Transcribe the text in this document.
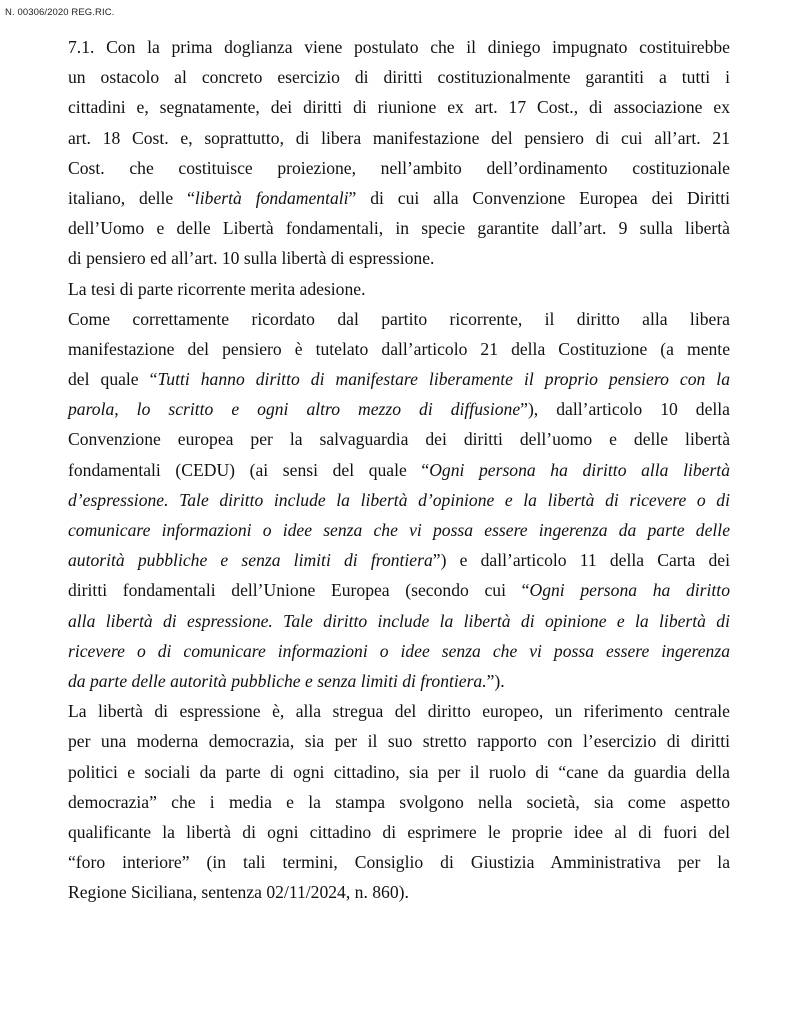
N. 00306/2020 REG.RIC.
7.1. Con la prima doglianza viene postulato che il diniego impugnato costituirebbe
un ostacolo al concreto esercizio di diritti costituzionalmente garantiti a tutti i
cittadini e, segnatamente, dei diritti di riunione ex art. 17 Cost., di associazione ex
art. 18 Cost. e, soprattutto, di libera manifestazione del pensiero di cui all’art. 21
Cost. che costituisce proiezione, nell’ambito dell’ordinamento costituzionale
italiano, delle “libertà fondamentali” di cui alla Convenzione Europea dei Diritti
dell’Uomo e delle Libertà fondamentali, in specie garantite dall’art. 9 sulla libertà
di pensiero ed all’art. 10 sulla libertà di espressione.
La tesi di parte ricorrente merita adesione.
Come correttamente ricordato dal partito ricorrente, il diritto alla libera
manifestazione del pensiero è tutelato dall’articolo 21 della Costituzione (a mente
del quale “Tutti hanno diritto di manifestare liberamente il proprio pensiero con la
parola, lo scritto e ogni altro mezzo di diffusione”), dall’articolo 10 della
Convenzione europea per la salvaguardia dei diritti dell’uomo e delle libertà
fondamentali (CEDU) (ai sensi del quale “Ogni persona ha diritto alla libertà
d’espressione. Tale diritto include la libertà d’opinione e la libertà di ricevere o di
comunicare informazioni o idee senza che vi possa essere ingerenza da parte delle
autorità pubbliche e senza limiti di frontiera”) e dall’articolo 11 della Carta dei
diritti fondamentali dell’Unione Europea (secondo cui “Ogni persona ha diritto
alla libertà di espressione. Tale diritto include la libertà di opinione e la libertà di
ricevere o di comunicare informazioni o idee senza che vi possa essere ingerenza
da parte delle autorità pubbliche e senza limiti di frontiera.”).
La libertà di espressione è, alla stregua del diritto europeo, un riferimento centrale
per una moderna democrazia, sia per il suo stretto rapporto con l’esercizio di diritti
politici e sociali da parte di ogni cittadino, sia per il ruolo di “cane da guardia della
democrazia” che i media e la stampa svolgono nella società, sia come aspetto
qualificante la libertà di ogni cittadino di esprimere le proprie idee al di fuori del
“foro interiore” (in tali termini, Consiglio di Giustizia Amministrativa per la
Regione Siciliana, sentenza 02/11/2024, n. 860).
